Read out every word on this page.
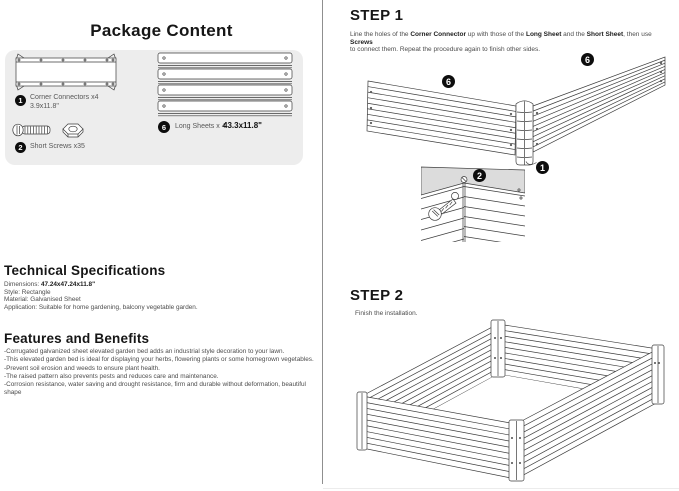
Package Content
1	Corner Connectors x4
3.9x11.8"
2	Short Screws x35
6	Long Sheets x 4
43.3x11.8"
Technical Specifications
Dimensions: 47.24x47.24x11.8"
Style: Rectangle
Material: Galvanised Sheet
Application: Suitable for home gardening, balcony vegetable garden.
Features and Benefits
-Corrugated galvanized sheet elevated garden bed adds an industrial style decoration to your lawn.
-This elevated garden bed is ideal for displaying your herbs, flowering plants or some homegrown vegetables.
-Prevent soil erosion and weeds to ensure plant health.
-The raised pattern also prevents pests and reduces care and maintenance.
-Corrosion resistance, water saving and drought resistance, firm and durable without deformation, beautiful shape
STEP 1
Line the holes of the Corner Connector up with those of the Long Sheet and the Short Sheet, then use Screws
to connect them. Repeat the procedure again to finish other sides.
6
6
1
2
STEP 2
Finish the installation.
